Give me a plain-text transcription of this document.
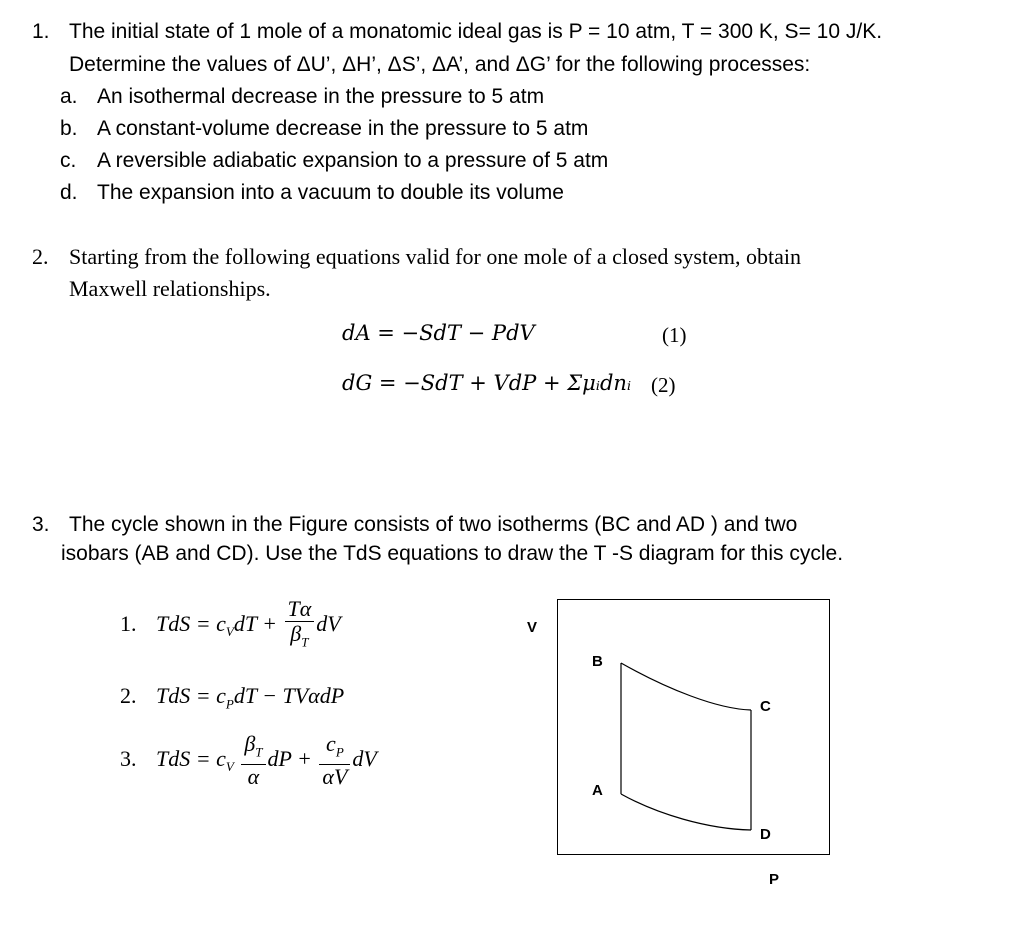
1. The initial state of 1 mole of a monatomic ideal gas is P = 10 atm, T = 300 K, S= 10 J/K.
Determine the values of ΔU’, ΔH’, ΔS’, ΔA’, and ΔG’ for the following processes:
a. An isothermal decrease in the pressure to 5 atm
b. A constant-volume decrease in the pressure to 5 atm
c. A reversible adiabatic expansion to a pressure of 5 atm
d. The expansion into a vacuum to double its volume
2. Starting from the following equations valid for one mole of a closed system, obtain
Maxwell relationships.
dA = −SdT − PdV	(1)
dG = −SdT + VdP + Σμᵢdnᵢ (2)
3. The cycle shown in the Figure consists of two isotherms (BC and AD ) and two
isobars (AB and CD). Use the TdS equations to draw the T -S diagram for this cycle.
1. TdS = $c_VdT + \frac{T\alpha}{\beta_T}$ dV
2. TdS = $c_PdT - TV\alpha dP$
3. TdS = $c_V \frac{\beta_T}{\alpha}$ dP + $\frac{c_P}{\alpha V}$ dV
V
B
C
A
D
P
